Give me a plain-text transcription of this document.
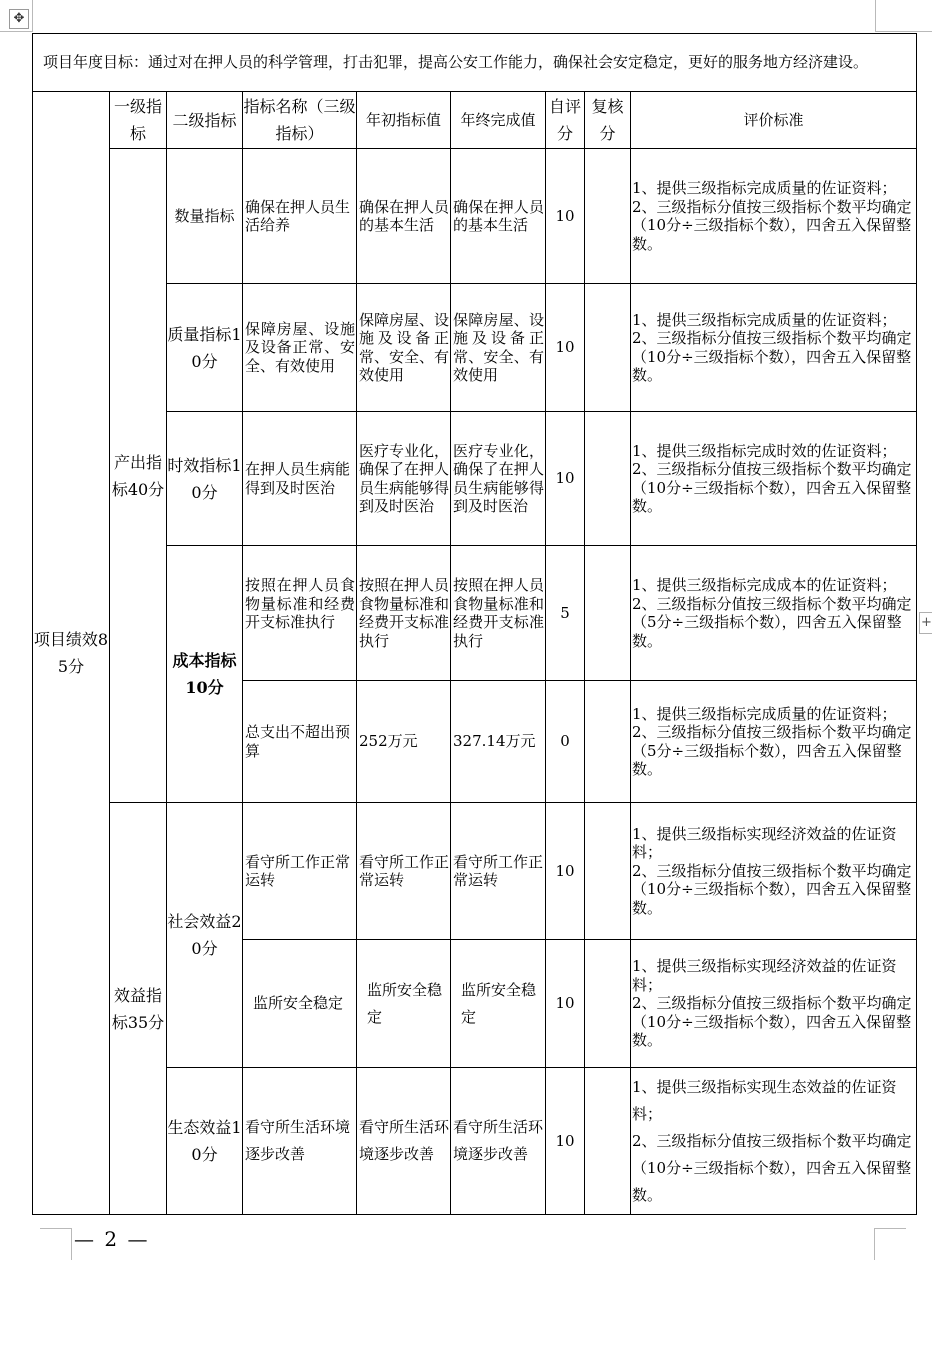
✥
+
项目年度目标：通过对在押人员的科学管理，打击犯罪，提高公安工作能力，确保社会安定稳定，更好的服务地方经济建设。								
项目绩效85分	一级指标	二级指标	指标名称（三级指标）	年初指标值	年终完成值	自评分	复核分	评价标准
	产出指标40分	数量指标	确保在押人员生活给养	确保在押人员的基本生活	确保在押人员的基本生活	10		1、提供三级指标完成质量的佐证资料；
2、三级指标分值按三级指标个数平均确定（10分÷三级指标个数），四舍五入保留整数。

		质量指标10分	保障房屋、设施及设备正常、安全、有效使用	保障房屋、设施及设备正常、安全、有效使用	保障房屋、设施及设备正常、安全、有效使用	10		1、提供三级指标完成质量的佐证资料；
2、三级指标分值按三级指标个数平均确定（10分÷三级指标个数），四舍五入保留整数。

		时效指标10分	在押人员生病能得到及时医治	医疗专业化，确保了在押人员生病能够得到及时医治	医疗专业化，确保了在押人员生病能够得到及时医治	10		1、提供三级指标完成时效的佐证资料；
2、三级指标分值按三级指标个数平均确定（10分÷三级指标个数），四舍五入保留整数。

		成本指标10分	按照在押人员食物量标准和经费开支标准执行	按照在押人员食物量标准和经费开支标准执行	按照在押人员食物量标准和经费开支标准执行	5		1、提供三级指标完成成本的佐证资料；
2、三级指标分值按三级指标个数平均确定（5分÷三级指标个数），四舍五入保留整数。

			总支出不超出预算	252万元	327.14万元	0		1、提供三级指标完成质量的佐证资料；
2、三级指标分值按三级指标个数平均确定（5分÷三级指标个数），四舍五入保留整数。

	效益指标35分	社会效益20分	看守所工作正常运转	看守所工作正常运转	看守所工作正常运转	10		1、提供三级指标实现经济效益的佐证资料；
2、三级指标分值按三级指标个数平均确定（10分÷三级指标个数），四舍五入保留整数。

			监所安全稳定	监所安全稳定	监所安全稳定	10		1、提供三级指标实现经济效益的佐证资料；
2、三级指标分值按三级指标个数平均确定（10分÷三级指标个数），四舍五入保留整数。

		生态效益10分	看守所生活环境逐步改善	看守所生活环境逐步改善	看守所生活环境逐步改善	10		1、提供三级指标实现生态效益的佐证资料；
2、三级指标分值按三级指标个数平均确定（10分÷三级指标个数），四舍五入保留整数。
— 2 —
